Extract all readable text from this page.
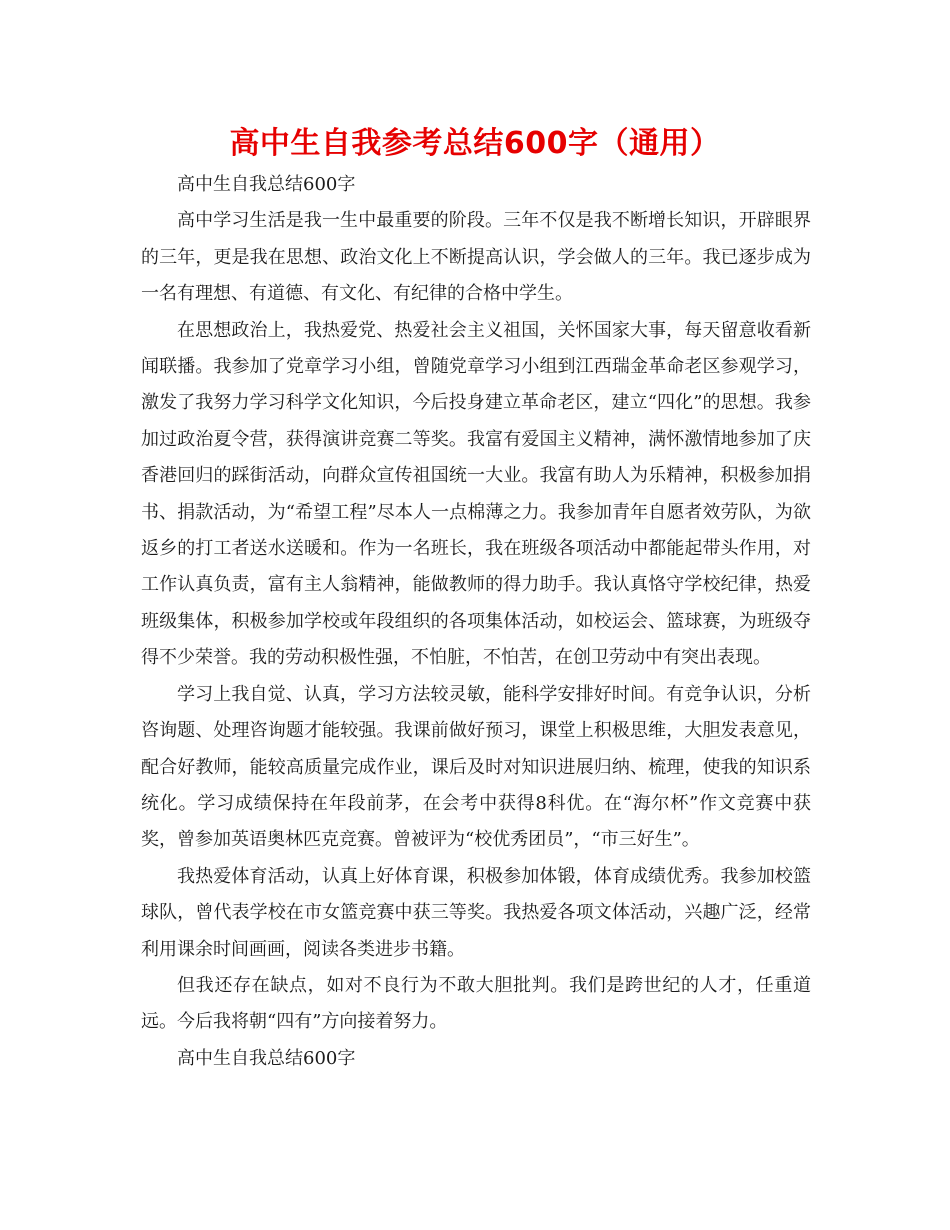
高中生自我参考总结600字（通用）

高中生自我总结600字

高中学习生活是我一生中最重要的阶段。三年不仅是我不断增长知识，开辟眼界的三年，更是我在思想、政治文化上不断提高认识，学会做人的三年。我已逐步成为一名有理想、有道德、有文化、有纪律的合格中学生。

在思想政治上，我热爱党、热爱社会主义祖国，关怀国家大事，每天留意收看新闻联播。我参加了党章学习小组，曾随党章学习小组到江西瑞金革命老区参观学习，激发了我努力学习科学文化知识，今后投身建立革命老区，建立“四化”的思想。我参加过政治夏令营，获得演讲竞赛二等奖。我富有爱国主义精神，满怀激情地参加了庆香港回归的踩街活动，向群众宣传祖国统一大业。我富有助人为乐精神，积极参加捐书、捐款活动，为“希望工程”尽本人一点棉薄之力。我参加青年自愿者效劳队，为欲返乡的打工者送水送暖和。作为一名班长，我在班级各项活动中都能起带头作用，对工作认真负责，富有主人翁精神，能做教师的得力助手。我认真恪守学校纪律，热爱班级集体，积极参加学校或年段组织的各项集体活动，如校运会、篮球赛，为班级夺得不少荣誉。我的劳动积极性强，不怕脏，不怕苦，在创卫劳动中有突出表现。

学习上我自觉、认真，学习方法较灵敏，能科学安排好时间。有竞争认识，分析咨询题、处理咨询题才能较强。我课前做好预习，课堂上积极思维，大胆发表意见，配合好教师，能较高质量完成作业，课后及时对知识进展归纳、梳理，使我的知识系统化。学习成绩保持在年段前茅，在会考中获得8科优。在“海尔杯”作文竞赛中获奖，曾参加英语奥林匹克竞赛。曾被评为“校优秀团员”，“市三好生”。

我热爱体育活动，认真上好体育课，积极参加体锻，体育成绩优秀。我参加校篮球队，曾代表学校在市女篮竞赛中获三等奖。我热爱各项文体活动，兴趣广泛，经常利用课余时间画画，阅读各类进步书籍。

但我还存在缺点，如对不良行为不敢大胆批判。我们是跨世纪的人才，任重道远。今后我将朝“四有”方向接着努力。

高中生自我总结600字
